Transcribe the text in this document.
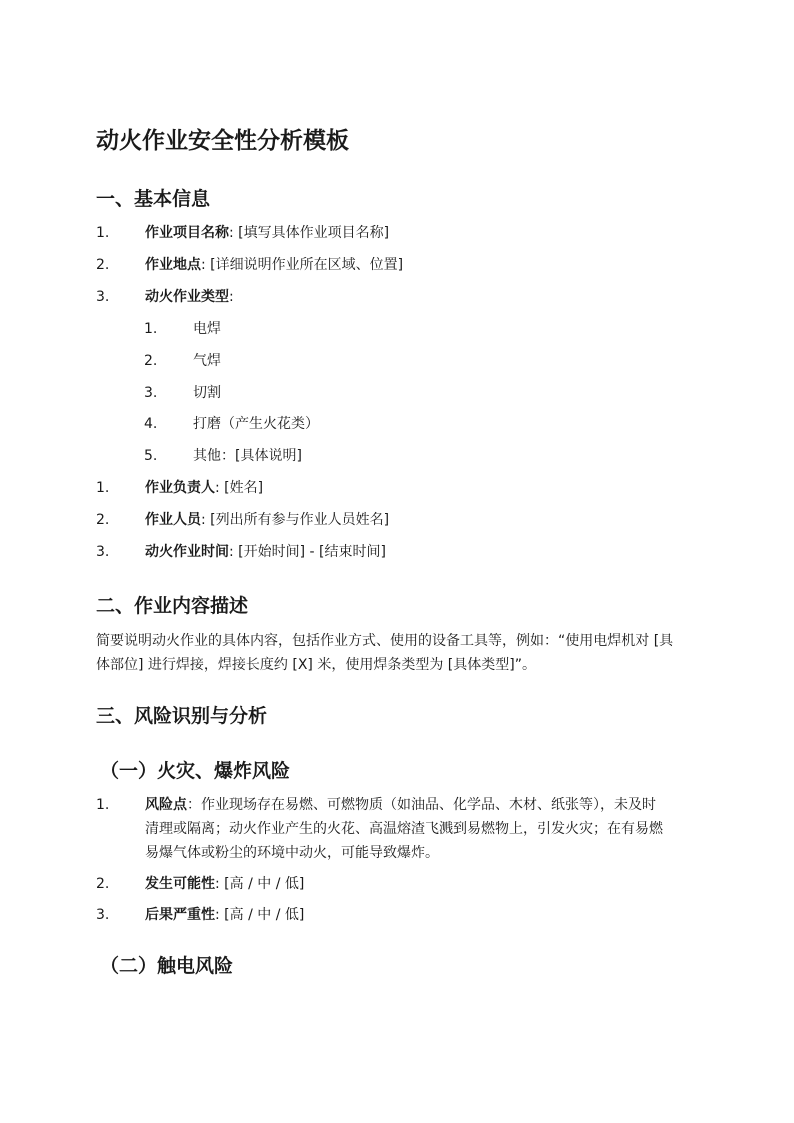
动火作业安全性分析模板
一、基本信息
1.	作业项目名称: [填写具体作业项目名称]
2.	作业地点: [详细说明作业所在区域、位置]
3.	动火作业类型:
1.	电焊
2.	气焊
3.	切割
4.	打磨（产生火花类）
5.	其他：[具体说明]
1.	作业负责人: [姓名]
2.	作业人员: [列出所有参与作业人员姓名]
3.	动火作业时间: [开始时间] - [结束时间]
二、作业内容描述
简要说明动火作业的具体内容，包括作业方式、使用的设备工具等，例如：“使用电焊机对 [具
体部位] 进行焊接，焊接长度约 [X] 米，使用焊条类型为 [具体类型]”。
三、风险识别与分析
（一）火灾、爆炸风险
1.	风险点：作业现场存在易燃、可燃物质（如油品、化学品、木材、纸张等），未及时
清理或隔离；动火作业产生的火花、高温熔渣飞溅到易燃物上，引发火灾；在有易燃
易爆气体或粉尘的环境中动火，可能导致爆炸。
2.	发生可能性: [高 / 中 / 低]
3.	后果严重性: [高 / 中 / 低]
（二）触电风险
